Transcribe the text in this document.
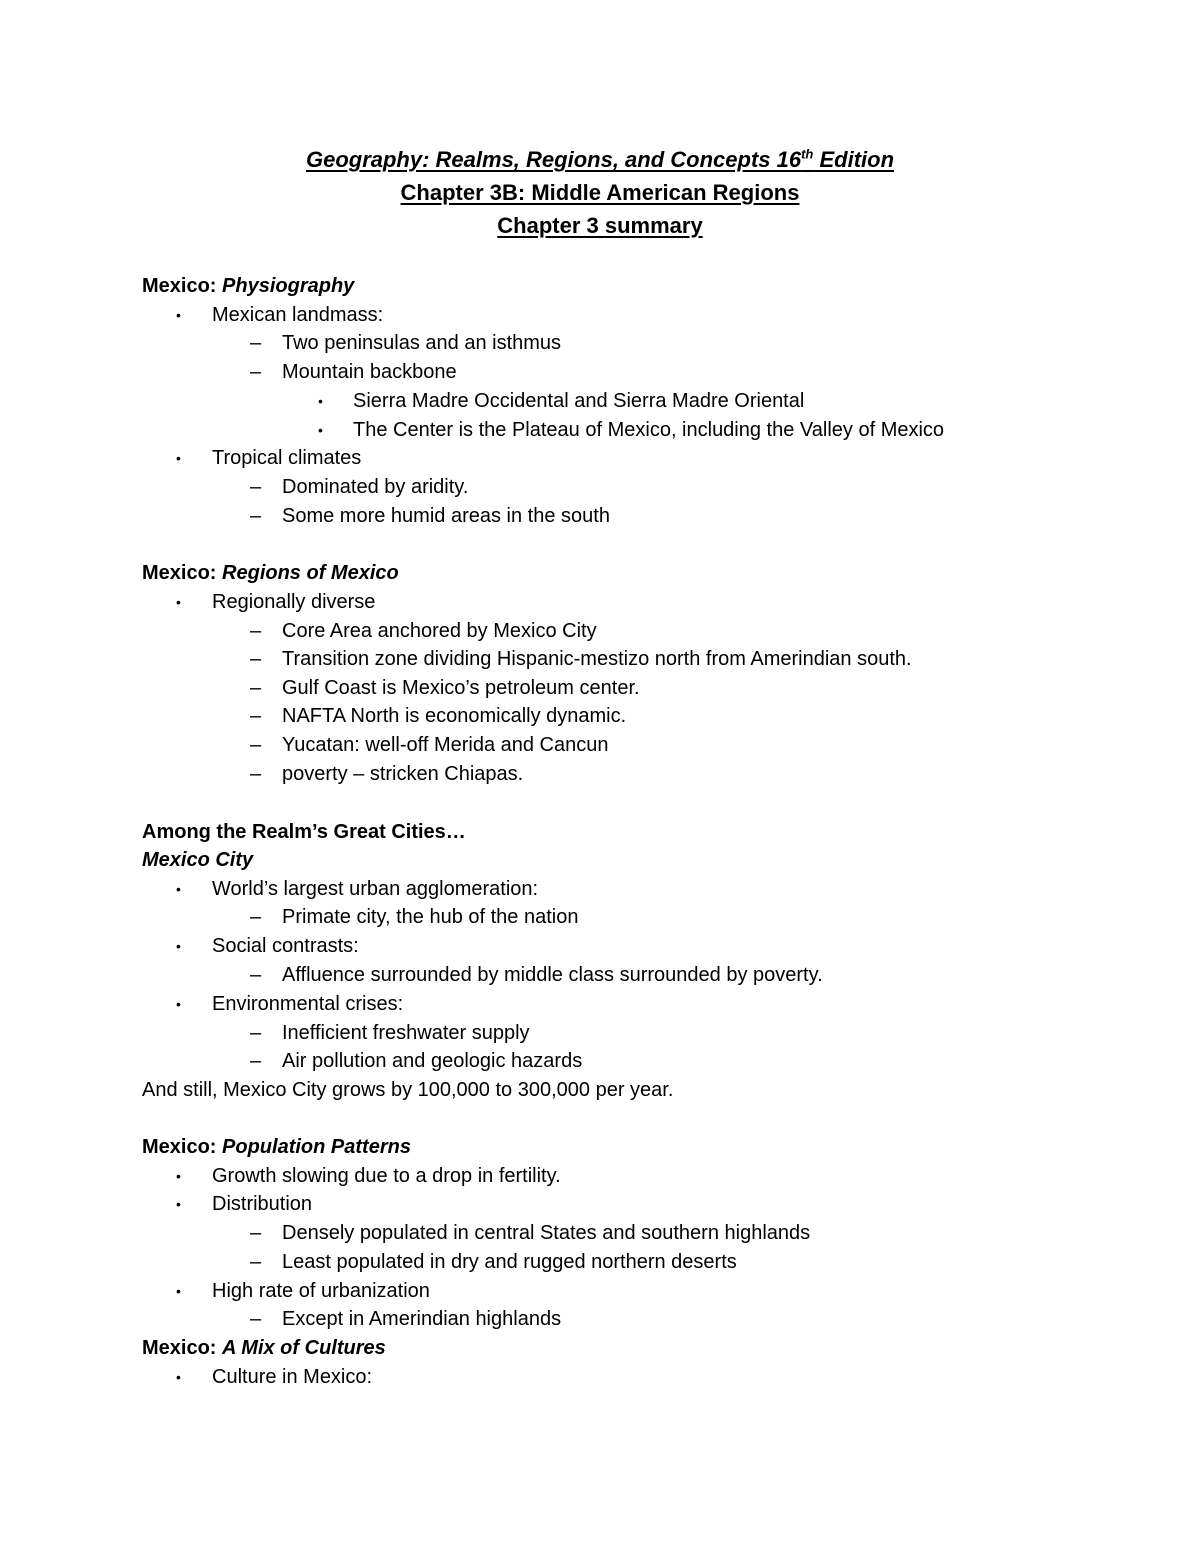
Geography: Realms, Regions, and Concepts 16th Edition
Chapter 3B: Middle American Regions
Chapter 3 summary
Mexico: Physiography
• Mexican landmass:
– Two peninsulas and an isthmus
– Mountain backbone
• Sierra Madre Occidental and Sierra Madre Oriental
• The Center is the Plateau of Mexico, including the Valley of Mexico
• Tropical climates
– Dominated by aridity.
– Some more humid areas in the south
Mexico: Regions of Mexico
• Regionally diverse
– Core Area anchored by Mexico City
– Transition zone dividing Hispanic-mestizo north from Amerindian south.
– Gulf Coast is Mexico’s petroleum center.
– NAFTA North is economically dynamic.
– Yucatan: well-off Merida and Cancun
– poverty – stricken Chiapas.
Among the Realm’s Great Cities…
Mexico City
• World’s largest urban agglomeration:
– Primate city, the hub of the nation
• Social contrasts:
– Affluence surrounded by middle class surrounded by poverty.
• Environmental crises:
– Inefficient freshwater supply
– Air pollution and geologic hazards
And still, Mexico City grows by 100,000 to 300,000 per year.
Mexico: Population Patterns
• Growth slowing due to a drop in fertility.
• Distribution
– Densely populated in central States and southern highlands
– Least populated in dry and rugged northern deserts
• High rate of urbanization
– Except in Amerindian highlands
Mexico: A Mix of Cultures
• Culture in Mexico:
